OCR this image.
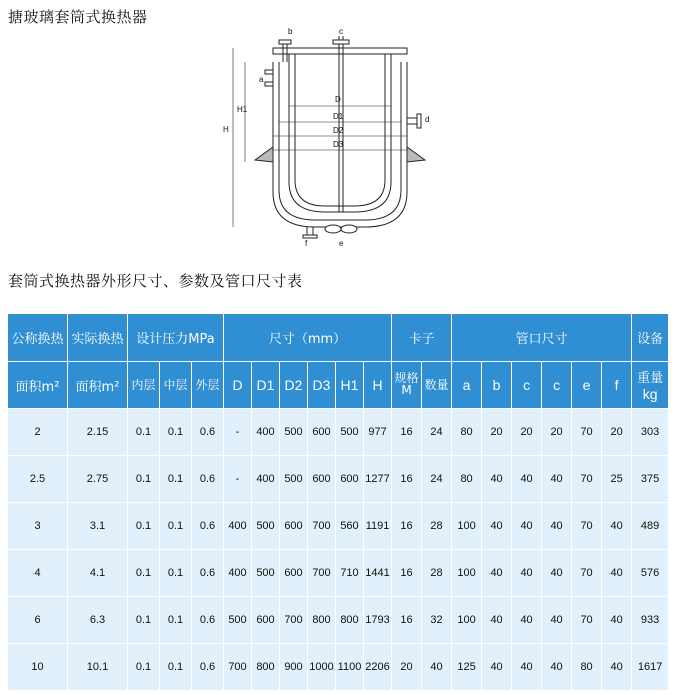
搪玻璃套筒式换热器
b	c
a
d
f	e
H
H1
D
D1
D2
D3
套筒式换热器外形尺寸、参数及管口尺寸表
公称换热	实际换热	设计压力MPa			尺寸（mm）						卡子		管口尺寸						设备
面积m²	面积m²	内层	中层	外层	D	D1	D2	D3	H1	H	规格M	数量	a	b	c	c	e	f	重量
kg
2	2.15	0.1	0.1	0.6	-	400	500	600	500	977	16	24	80	20	20	20	70	20	303
2.5	2.75	0.1	0.1	0.6	-	400	500	600	600	1277	16	24	80	40	40	40	70	25	375
3	3.1	0.1	0.1	0.6	400	500	600	700	560	1191	16	28	100	40	40	40	70	40	489
4	4.1	0.1	0.1	0.6	400	500	600	700	710	1441	16	28	100	40	40	40	70	40	576
6	6.3	0.1	0.1	0.6	500	600	700	800	800	1793	16	32	100	40	40	40	70	40	933
10	10.1	0.1	0.1	0.6	700	800	900	1000	1100	2206	20	40	125	40	40	40	80	40	1617
